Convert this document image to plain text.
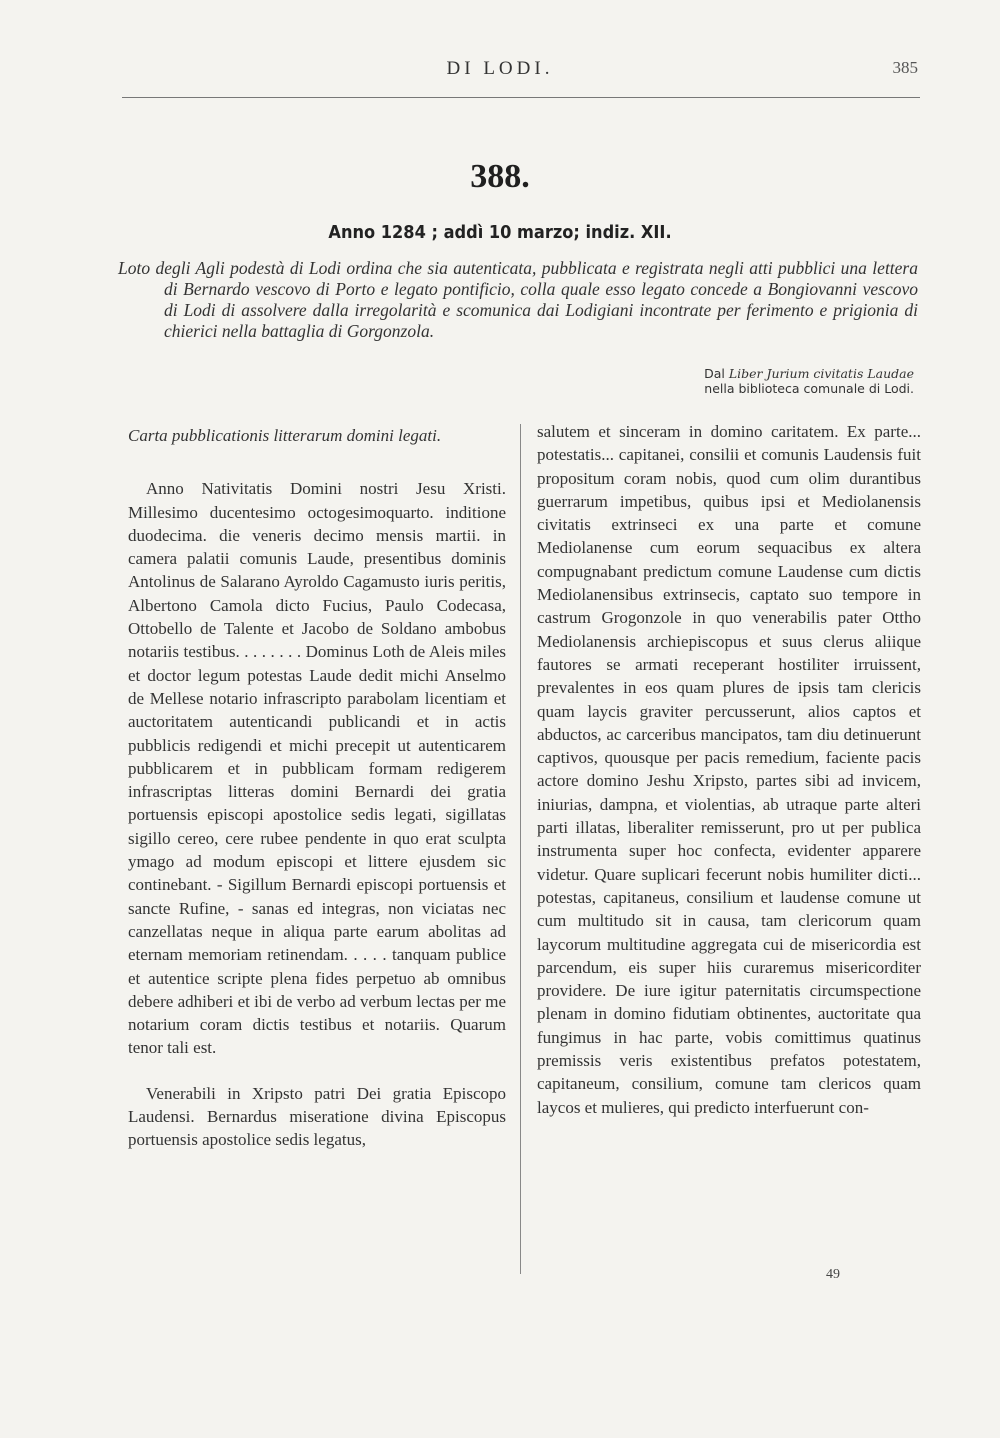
DI LODI.	385
388.
Anno 1284 ; addì 10 marzo; indiz. XII.
Loto degli Agli podestà di Lodi ordina che sia autenticata, pubblicata e registrata negli atti pubblici una lettera di Bernardo vescovo di Porto e legato pontificio, colla quale esso legato concede a Bongiovanni vescovo di Lodi di assolvere dalla irregolarità e scomunica dai Lodigiani incontrate per ferimento e prigionia di chierici nella battaglia di Gorgonzola.
Dal Liber Jurium civitatis Laudae
nella biblioteca comunale di Lodi.
Carta pubblicationis litterarum domini legati.

Anno Nativitatis Domini nostri Jesu Xristi. Millesimo ducentesimo octogesimoquarto. inditione duodecima. die veneris decimo mensis martii. in camera palatii comunis Laude, presentibus dominis Antolinus de Salarano Ayroldo Cagamusto iuris peritis, Albertono Camola dicto Fucius, Paulo Codecasa, Ottobello de Talente et Jacobo de Soldano ambobus notariis testibus. . . . . . . . Dominus Loth de Aleis miles et doctor legum potestas Laude dedit michi Anselmo de Mellese notario infrascripto parabolam licentiam et auctoritatem autenticandi publicandi et in actis pubblicis redigendi et michi precepit ut autenticarem pubblicarem et in pubblicam formam redigerem infrascriptas litteras domini Bernardi dei gratia portuensis episcopi apostolice sedis legati, sigillatas sigillo cereo, cere rubee pendente in quo erat sculpta ymago ad modum episcopi et littere ejusdem sic continebant. - Sigillum Bernardi episcopi portuensis et sancte Rufine, - sanas ed integras, non viciatas nec canzellatas neque in aliqua parte earum abolitas ad eternam memoriam retinendam. . . . . tanquam publice et autentice scripte plena fides perpetuo ab omnibus debere adhiberi et ibi de verbo ad verbum lectas per me notarium coram dictis testibus et notariis. Quarum tenor tali est.

Venerabili in Xripsto patri Dei gratia Episcopo Laudensi. Bernardus miseratione divina Episcopus portuensis apostolice sedis legatus,

salutem et sinceram in domino caritatem. Ex parte... potestatis... capitanei, consilii et comunis Laudensis fuit propositum coram nobis, quod cum olim durantibus guerrarum impetibus, quibus ipsi et Mediolanensis civitatis extrinseci ex una parte et comune Mediolanense cum eorum sequacibus ex altera compugnabant predictum comune Laudense cum dictis Mediolanensibus extrinsecis, captato suo tempore in castrum Grogonzole in quo venerabilis pater Ottho Mediolanensis archiepiscopus et suus clerus aliique fautores se armati receperant hostiliter irruissent, prevalentes in eos quam plures de ipsis tam clericis quam laycis graviter percusserunt, alios captos et abductos, ac carceribus mancipatos, tam diu detinuerunt captivos, quousque per pacis remedium, faciente pacis actore domino Jeshu Xripsto, partes sibi ad invicem, iniurias, dampna, et violentias, ab utraque parte alteri parti illatas, liberaliter remisserunt, pro ut per publica instrumenta super hoc confecta, evidenter apparere videtur. Quare suplicari fecerunt nobis humiliter dicti... potestas, capitaneus, consilium et laudense comune ut cum multitudo sit in causa, tam clericorum quam laycorum multitudine aggregata cui de misericordia est parcendum, eis super hiis curaremus misericorditer providere. De iure igitur paternitatis circumspectione plenam in domino fidutiam obtinentes, auctoritate qua fungimus in hac parte, vobis comittimus quatinus premissis veris existentibus prefatos potestatem, capitaneum, consilium, comune tam clericos quam laycos et mulieres, qui predicto interfuerunt con-

49
